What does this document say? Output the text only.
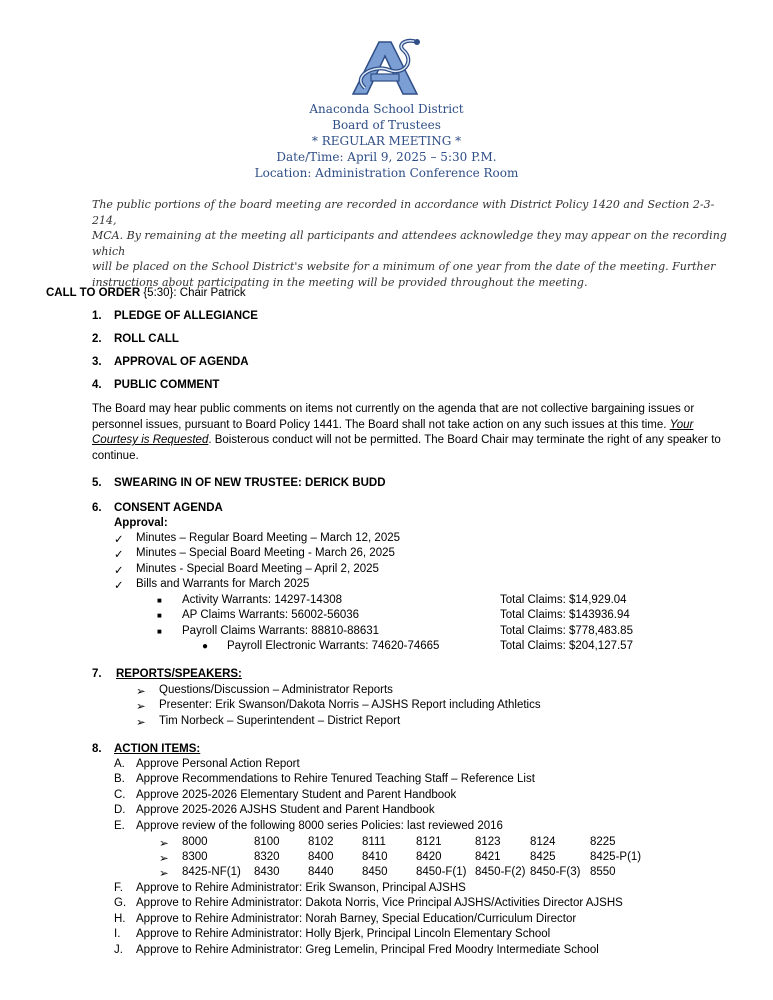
Anaconda School District
Board of Trustees
* REGULAR MEETING *
Date/Time: April 9, 2025 – 5:30 P.M.
Location: Administration Conference Room
The public portions of the board meeting are recorded in accordance with District Policy 1420 and Section 2-3-214,
MCA. By remaining at the meeting all participants and attendees acknowledge they may appear on the recording which
will be placed on the School District's website for a minimum of one year from the date of the meeting. Further
instructions about participating in the meeting will be provided throughout the meeting.
CALL TO ORDER {5:30}: Chair Patrick
1. PLEDGE OF ALLEGIANCE
2. ROLL CALL
3. APPROVAL OF AGENDA
4. PUBLIC COMMENT
The Board may hear public comments on items not currently on the agenda that are not collective bargaining issues or
personnel issues, pursuant to Board Policy 1441. The Board shall not take action on any such issues at this time. Your
Courtesy is Requested. Boisterous conduct will not be permitted. The Board Chair may terminate the right of any speaker to
continue.
5. SWEARING IN OF NEW TRUSTEE: DERICK BUDD
6. CONSENT AGENDA
Approval:
✓ Minutes – Regular Board Meeting – March 12, 2025
✓ Minutes – Special Board Meeting - March 26, 2025
✓ Minutes - Special Board Meeting – April 2, 2025
✓ Bills and Warrants for March 2025
■ Activity Warrants: 14297-14308	Total Claims: $14,929.04
■ AP Claims Warrants: 56002-56036	Total Claims: $143936.94
■ Payroll Claims Warrants: 88810-88631	Total Claims: $778,483.85
● Payroll Electronic Warrants: 74620-74665	Total Claims: $204,127.57
7. REPORTS/SPEAKERS:
➢ Questions/Discussion – Administrator Reports
➢ Presenter: Erik Swanson/Dakota Norris – AJSHS Report including Athletics
➢ Tim Norbeck – Superintendent – District Report
8. ACTION ITEMS:
A. Approve Personal Action Report
B. Approve Recommendations to Rehire Tenured Teaching Staff – Reference List
C. Approve 2025-2026 Elementary Student and Parent Handbook
D. Approve 2025-2026 AJSHS Student and Parent Handbook
E. Approve review of the following 8000 series Policies: last reviewed 2016
➢ 8000	8100 8102 8111	8121	8123	8124	8225
➢ 8300	8320 8400 8410 8420	8421	8425	8425-P(1)
➢ 8425-NF(1) 8430 8440 8450 8450-F(1) 8450-F(2) 8450-F(3) 8550
F. Approve to Rehire Administrator: Erik Swanson, Principal AJSHS
G. Approve to Rehire Administrator: Dakota Norris, Vice Principal AJSHS/Activities Director AJSHS
H. Approve to Rehire Administrator: Norah Barney, Special Education/Curriculum Director
I. Approve to Rehire Administrator: Holly Bjerk, Principal Lincoln Elementary School
J. Approve to Rehire Administrator: Greg Lemelin, Principal Fred Moodry Intermediate School
